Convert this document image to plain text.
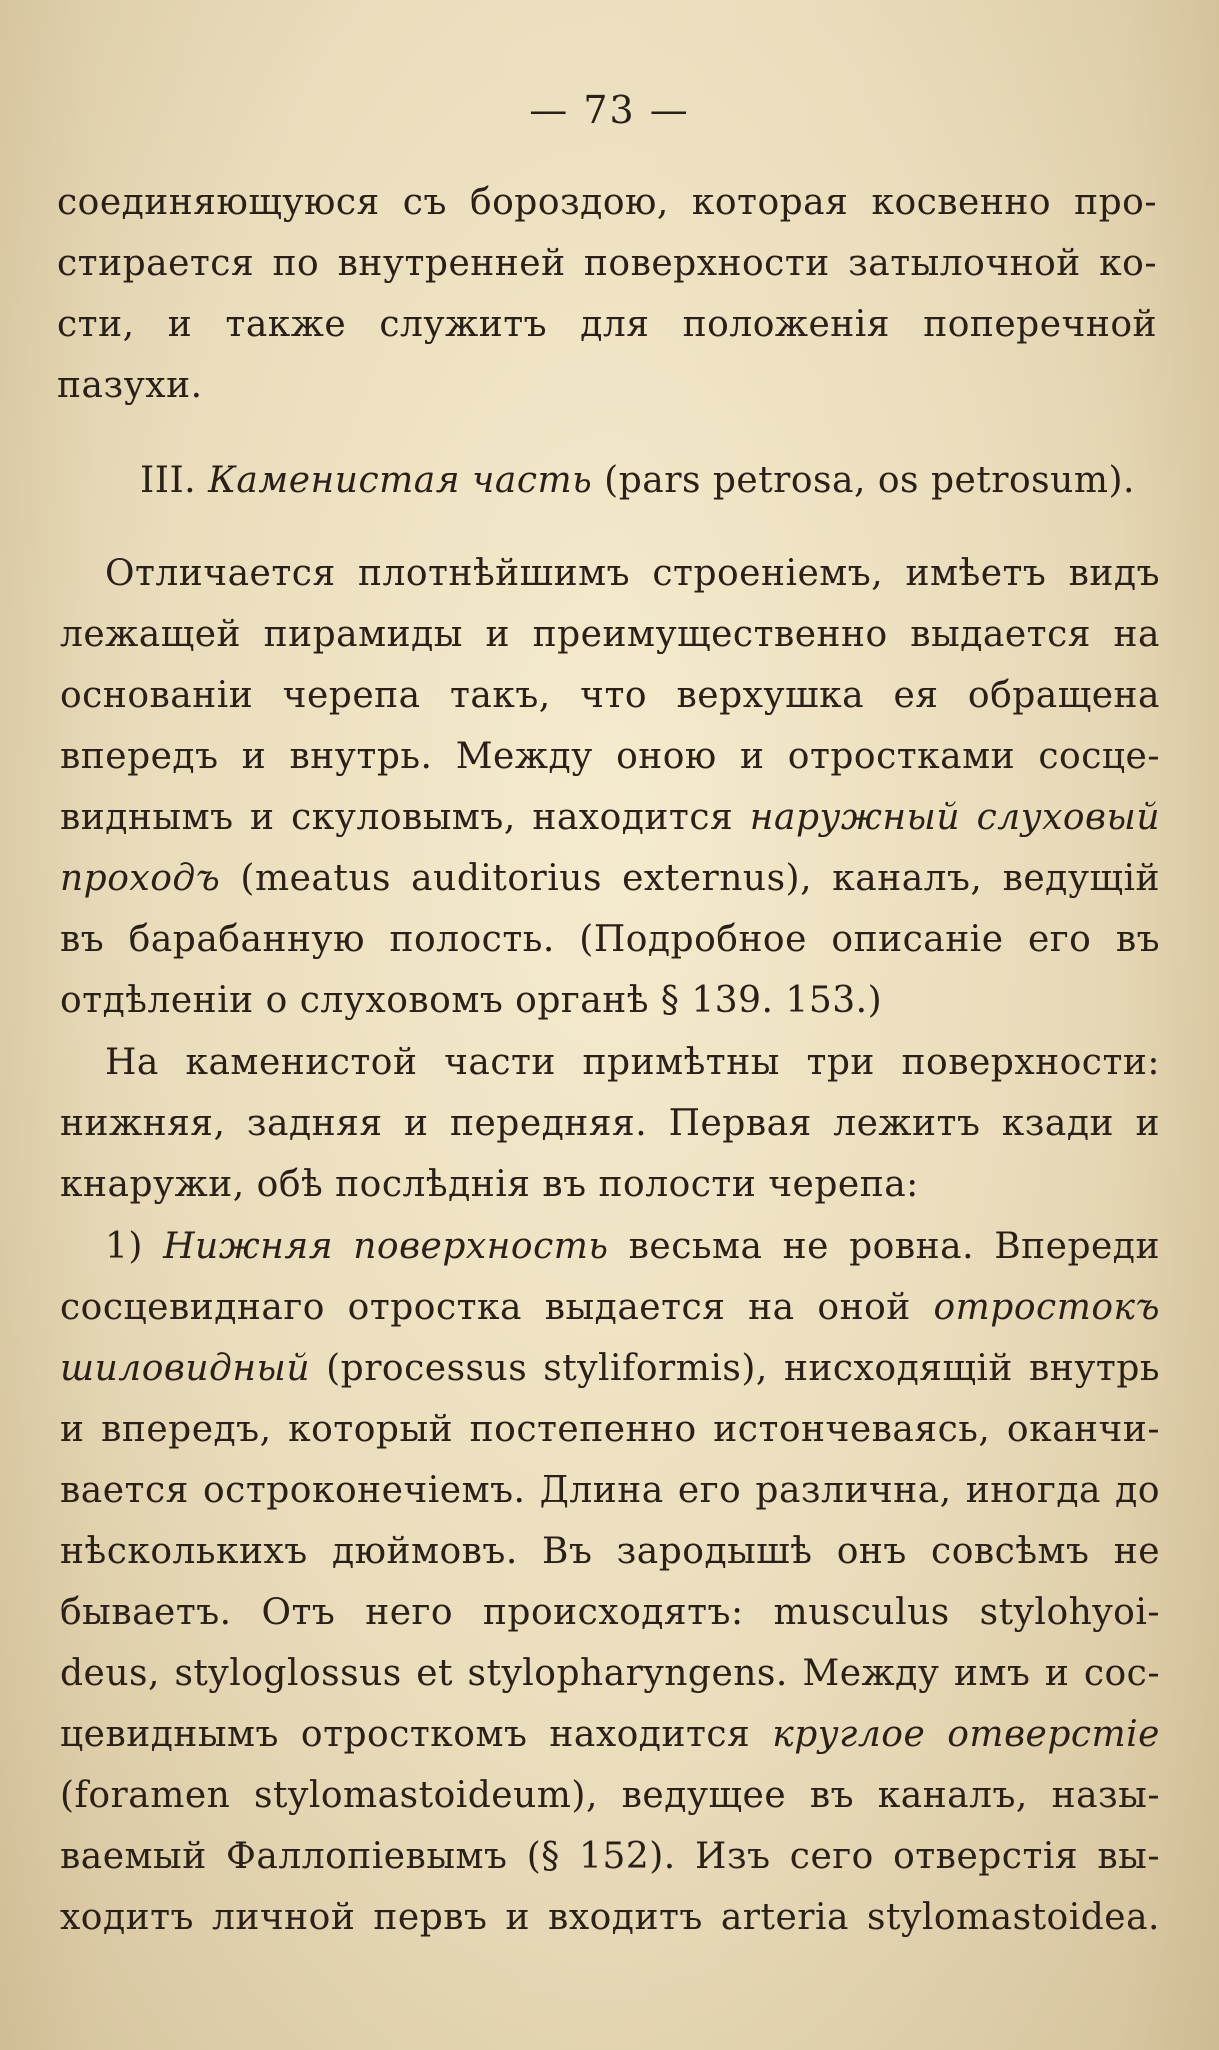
— 73 —
соединяющуюся съ бороздою, которая косвенно про-
стирается по внутренней поверхности затылочной ко-
сти, и также служитъ для положенія поперечной
пазухи.
III. Каменистая часть (pars petrosa, os petrosum).
Отличается плотнѣйшимъ строеніемъ, имѣетъ видъ
лежащей пирамиды и преимущественно выдается на
основаніи черепа такъ, что верхушка ея обращена
впередъ и внутрь. Между оною и отростками сосце-
виднымъ и скуловымъ, находится наружный слуховый
проходъ (meatus auditorius externus), каналъ, ведущій
въ барабанную полость. (Подробное описаніе его въ
отдѣленіи о слуховомъ органѣ § 139. 153.)
На каменистой части примѣтны три поверхности:
нижняя, задняя и передняя. Первая лежитъ кзади и
кнаружи, обѣ послѣднія въ полости черепа:
1) Нижняя поверхность весьма не ровна. Впереди
сосцевиднаго отростка выдается на оной отростокъ
шиловидный (processus styliformis), нисходящій внутрь
и впередъ, который постепенно истончеваясь, оканчи-
вается остроконечіемъ. Длина его различна, иногда до
нѣсколькихъ дюймовъ. Въ зародышѣ онъ совсѣмъ не
бываетъ. Отъ него происходятъ: musculus stylohyoi-
deus, styloglossus et stylopharyngens. Между имъ и сос-
цевиднымъ отросткомъ находится круглое отверстіе
(foramen stylomastoideum), ведущее въ каналъ, назы-
ваемый Фаллопіевымъ (§ 152). Изъ сего отверстія вы-
ходитъ личной первъ и входитъ arteria stylomastoidea.
